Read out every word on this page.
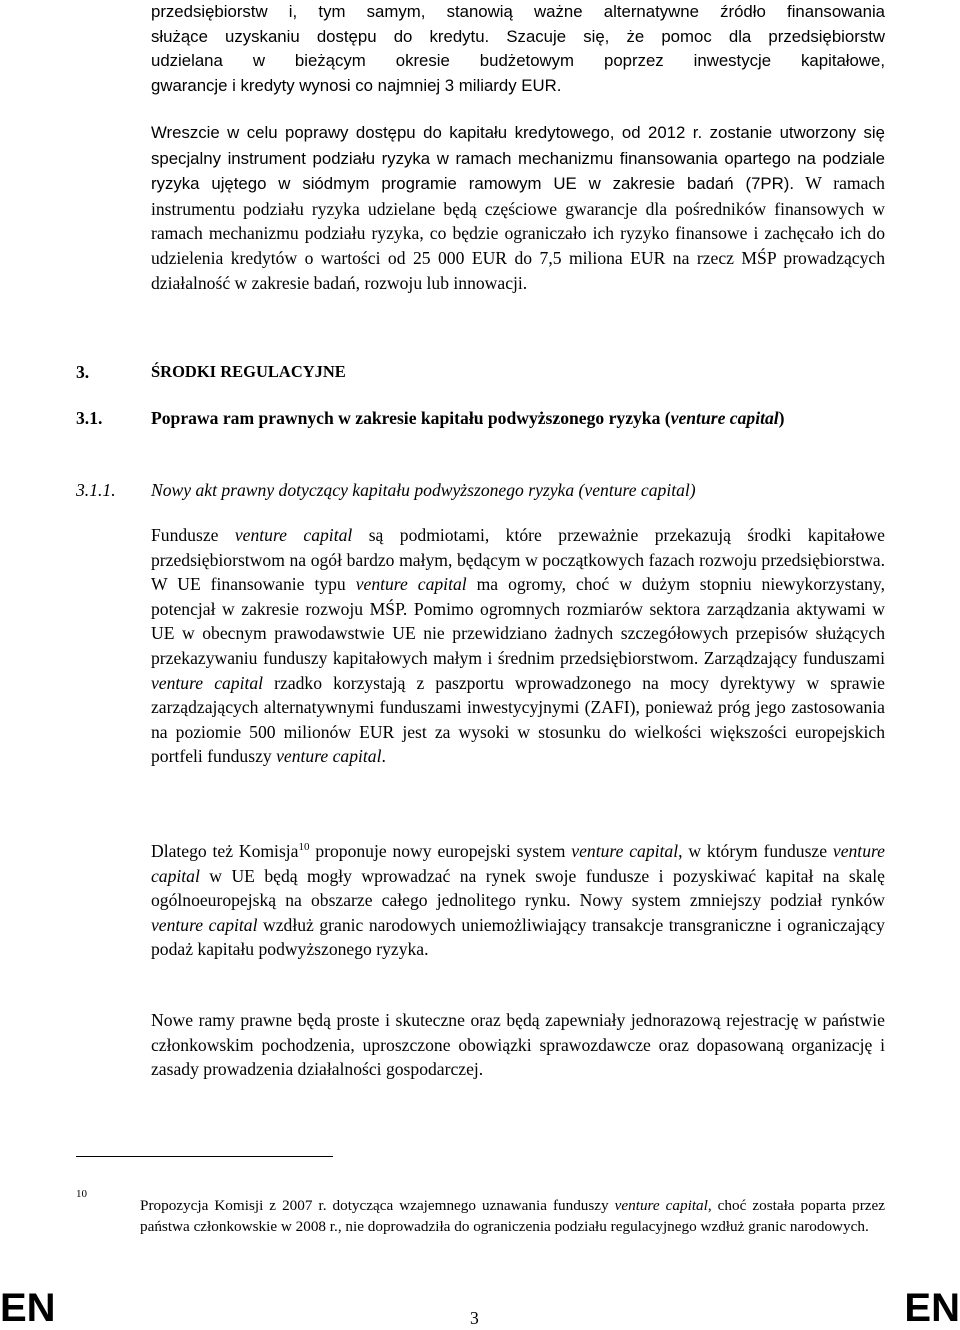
przedsiębiorstw i, tym samym, stanowią ważne alternatywne źródło finansowania
służące uzyskaniu dostępu do kredytu. Szacuje się, że pomoc dla przedsiębiorstw
udzielana w bieżącym okresie budżetowym poprzez inwestycje kapitałowe,
gwarancje i kredyty wynosi co najmniej 3 miliardy EUR.

Wreszcie w celu poprawy dostępu do kapitału kredytowego, od 2012 r. zostanie utworzony się specjalny instrument podziału ryzyka w ramach mechanizmu finansowania opartego na podziale ryzyka ujętego w siódmym programie ramowym UE w zakresie badań (7PR). W ramach instrumentu podziału ryzyka udzielane będą częściowe gwarancje dla pośredników finansowych w ramach mechanizmu podziału ryzyka, co będzie ograniczało ich ryzyko finansowe i zachęcało ich do udzielenia kredytów o wartości od 25 000 EUR do 7,5 miliona EUR na rzecz MŚP prowadzących działalność w zakresie badań, rozwoju lub innowacji.

3.	ŚRODKI REGULACYJNE
3.1.	Poprawa ram prawnych w zakresie kapitału podwyższonego ryzyka (venture capital)
3.1.1. Nowy akt prawny dotyczący kapitału podwyższonego ryzyka (venture capital)

Fundusze venture capital są podmiotami, które przeważnie przekazują środki kapitałowe przedsiębiorstwom na ogół bardzo małym, będącym w początkowych fazach rozwoju przedsiębiorstwa. W UE finansowanie typu venture capital ma ogromy, choć w dużym stopniu niewykorzystany, potencjał w zakresie rozwoju MŚP. Pomimo ogromnych rozmiarów sektora zarządzania aktywami w UE w obecnym prawodawstwie UE nie przewidziano żadnych szczegółowych przepisów służących przekazywaniu funduszy kapitałowych małym i średnim przedsiębiorstwom. Zarządzający funduszami venture capital rzadko korzystają z paszportu wprowadzonego na mocy dyrektywy w sprawie zarządzających alternatywnymi funduszami inwestycyjnymi (ZAFI), ponieważ próg jego zastosowania na poziomie 500 milionów EUR jest za wysoki w stosunku do wielkości większości europejskich portfeli funduszy venture capital.

Dlatego też Komisja$^{10}$ proponuje nowy europejski system venture capital, w którym fundusze venture capital w UE będą mogły wprowadzać na rynek swoje fundusze i pozyskiwać kapitał na skalę ogólnoeuropejską na obszarze całego jednolitego rynku. Nowy system zmniejszy podział rynków venture capital wzdłuż granic narodowych uniemożliwiający transakcje transgraniczne i ograniczający podaż kapitału podwyższonego ryzyka.

Nowe ramy prawne będą proste i skuteczne oraz będą zapewniały jednorazową rejestrację w państwie członkowskim pochodzenia, uproszczone obowiązki sprawozdawcze oraz dopasowaną organizację i zasady prowadzenia działalności gospodarczej.

10

Propozycja Komisji z 2007 r. dotycząca wzajemnego uznawania funduszy venture capital, choć została poparta przez państwa członkowskie w 2008 r., nie doprowadziła do ograniczenia podziału regulacyjnego wzdłuż granic narodowych.

EN	3	EN
